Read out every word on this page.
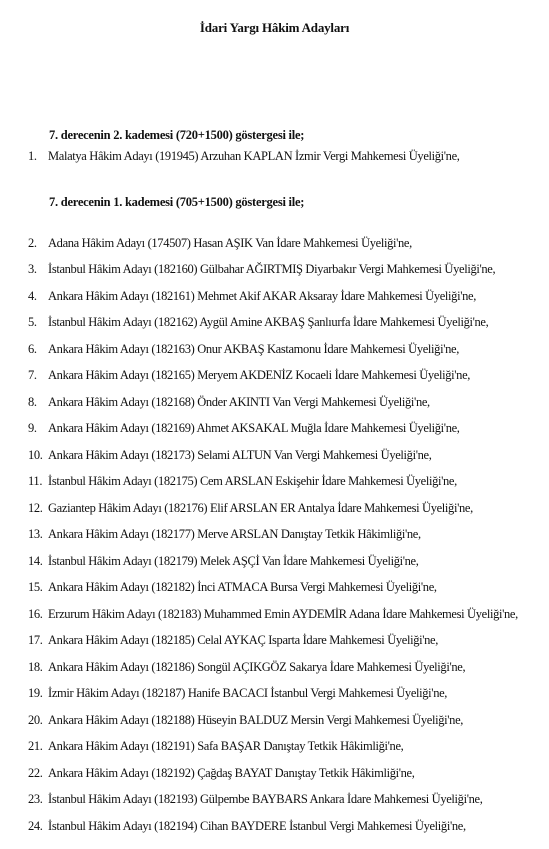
İdari Yargı Hâkim Adayları
7. derecenin 2. kademesi (720+1500) göstergesi ile;
1. Malatya Hâkim Adayı (191945) Arzuhan KAPLAN İzmir Vergi Mahkemesi Üyeliği'ne,
7. derecenin 1. kademesi (705+1500) göstergesi ile;
2. Adana Hâkim Adayı (174507) Hasan AŞIK Van İdare Mahkemesi Üyeliği'ne,
3. İstanbul Hâkim Adayı (182160) Gülbahar AĞIRTMIŞ Diyarbakır Vergi Mahkemesi Üyeliği'ne,
4. Ankara Hâkim Adayı (182161) Mehmet Akif AKAR Aksaray İdare Mahkemesi Üyeliği'ne,
5. İstanbul Hâkim Adayı (182162) Aygül Amine AKBAŞ Şanlıurfa İdare Mahkemesi Üyeliği'ne,
6. Ankara Hâkim Adayı (182163) Onur AKBAŞ Kastamonu İdare Mahkemesi Üyeliği'ne,
7. Ankara Hâkim Adayı (182165) Meryem AKDENİZ Kocaeli İdare Mahkemesi Üyeliği'ne,
8. Ankara Hâkim Adayı (182168) Önder AKINTI Van Vergi Mahkemesi Üyeliği'ne,
9. Ankara Hâkim Adayı (182169) Ahmet AKSAKAL Muğla İdare Mahkemesi Üyeliği'ne,
10. Ankara Hâkim Adayı (182173) Selami ALTUN Van Vergi Mahkemesi Üyeliği'ne,
11. İstanbul Hâkim Adayı (182175) Cem ARSLAN Eskişehir İdare Mahkemesi Üyeliği'ne,
12. Gaziantep Hâkim Adayı (182176) Elif ARSLAN ER Antalya İdare Mahkemesi Üyeliği'ne,
13. Ankara Hâkim Adayı (182177) Merve ARSLAN Danıştay Tetkik Hâkimliği'ne,
14. İstanbul Hâkim Adayı (182179) Melek AŞÇİ Van İdare Mahkemesi Üyeliği'ne,
15. Ankara Hâkim Adayı (182182) İnci ATMACA Bursa Vergi Mahkemesi Üyeliği'ne,
16. Erzurum Hâkim Adayı (182183) Muhammed Emin AYDEMİR Adana İdare Mahkemesi Üyeliği'ne,
17. Ankara Hâkim Adayı (182185) Celal AYKAÇ Isparta İdare Mahkemesi Üyeliği'ne,
18. Ankara Hâkim Adayı (182186) Songül AÇIKGÖZ Sakarya İdare Mahkemesi Üyeliği'ne,
19. İzmir Hâkim Adayı (182187) Hanife BACACI İstanbul Vergi Mahkemesi Üyeliği'ne,
20. Ankara Hâkim Adayı (182188) Hüseyin BALDUZ Mersin Vergi Mahkemesi Üyeliği'ne,
21. Ankara Hâkim Adayı (182191) Safa BAŞAR Danıştay Tetkik Hâkimliği'ne,
22. Ankara Hâkim Adayı (182192) Çağdaş BAYAT Danıştay Tetkik Hâkimliği'ne,
23. İstanbul Hâkim Adayı (182193) Gülpembe BAYBARS Ankara İdare Mahkemesi Üyeliği'ne,
24. İstanbul Hâkim Adayı (182194) Cihan BAYDERE İstanbul Vergi Mahkemesi Üyeliği'ne,
